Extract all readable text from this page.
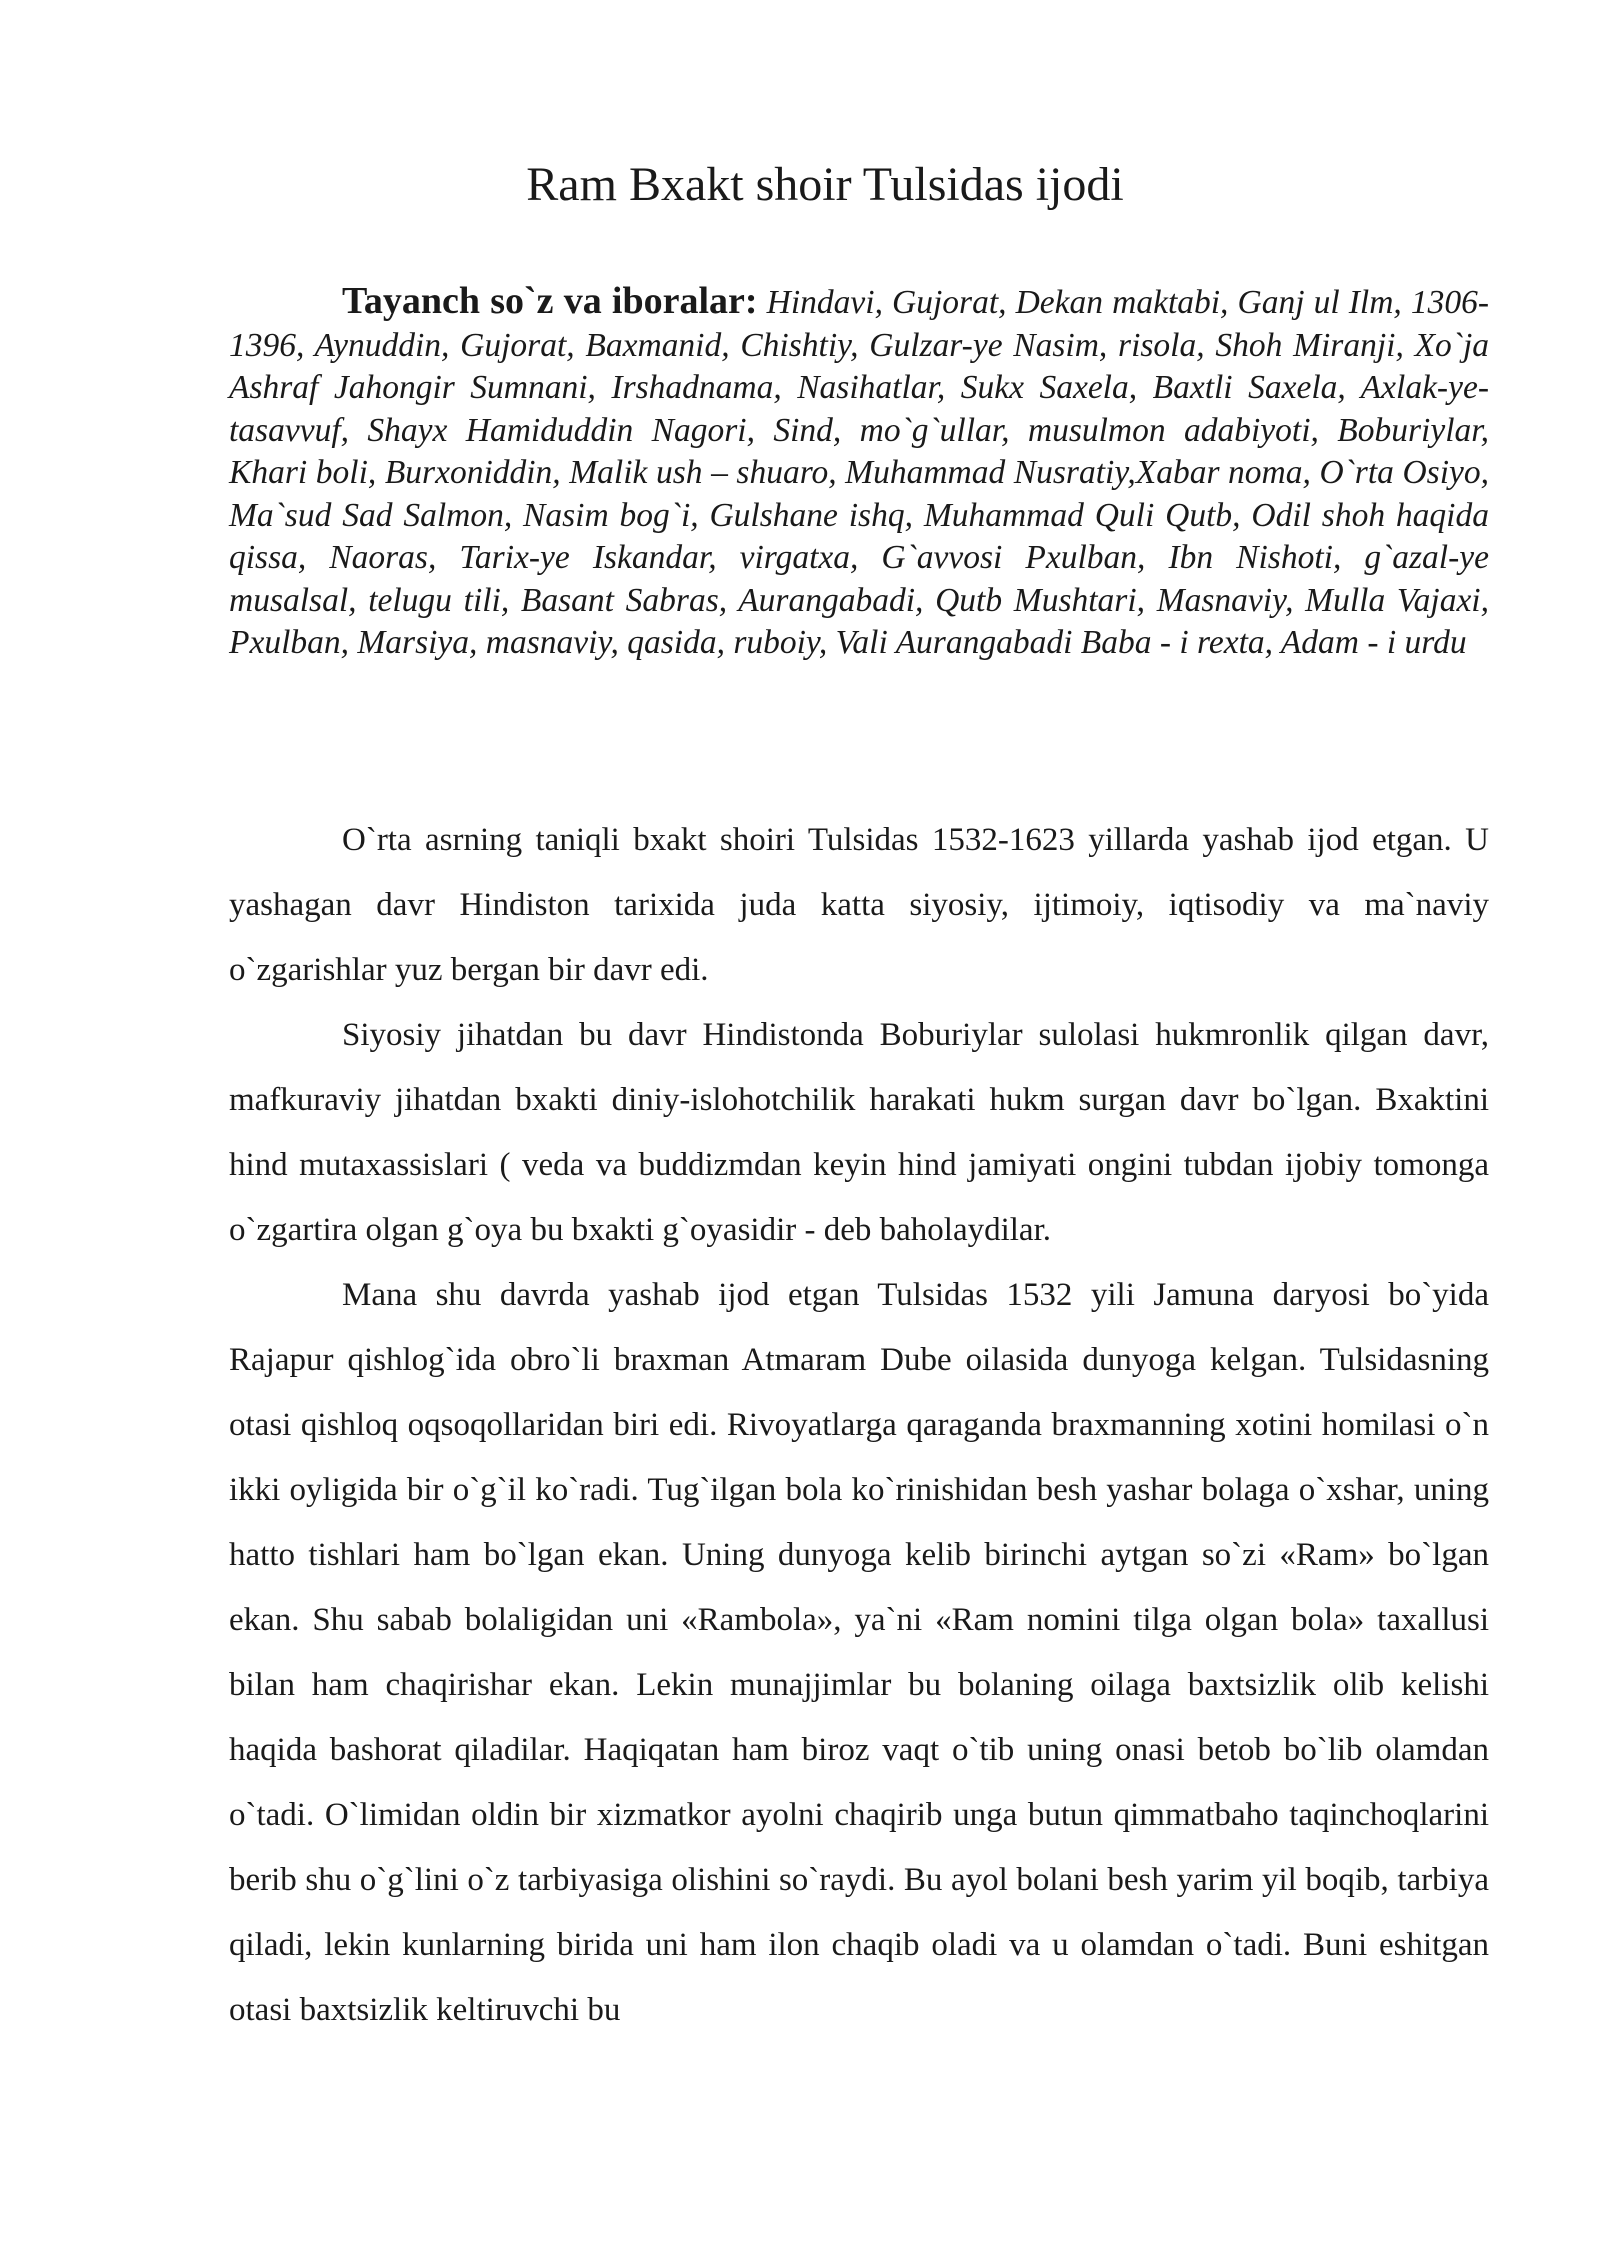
Ram Bxakt shoir Tulsidas ijodi

Tayanch so`z va iboralar: Hindavi, Gujorat, Dekan maktabi, Ganj ul Ilm, 1306-1396, Aynuddin, Gujorat, Baxmanid, Chishtiy, Gulzar-ye Nasim, risola, Shoh Miranji, Xo`ja Ashraf Jahongir Sumnani, Irshadnama, Nasihatlar, Sukx Saxela, Baxtli Saxela, Axlak-ye-tasavvuf, Shayx Hamiduddin Nagori, Sind, mo`g`ullar, musulmon adabiyoti, Boburiylar, Khari boli, Burxoniddin, Malik ush – shuaro, Muhammad Nusratiy,Xabar noma, O`rta Osiyo, Ma`sud Sad Salmon, Nasim bog`i, Gulshane ishq, Muhammad Quli Qutb, Odil shoh haqida qissa, Naoras, Tarix-ye Iskandar, virgatxa, G`avvosi Pxulban, Ibn Nishoti, g`azal-ye musalsal, telugu tili, Basant Sabras, Aurangabadi, Qutb Mushtari, Masnaviy, Mulla Vajaxi, Pxulban, Marsiya, masnaviy, qasida, ruboiy, Vali Aurangabadi Baba - i rexta, Adam - i urdu

O`rta asrning taniqli bxakt shoiri Tulsidas 1532-1623 yillarda yashab ijod etgan. U yashagan davr Hindiston tarixida juda katta siyosiy, ijtimoiy, iqtisodiy va ma`naviy o`zgarishlar yuz bergan bir davr edi.

Siyosiy jihatdan bu davr Hindistonda Boburiylar sulolasi hukmronlik qilgan davr, mafkuraviy jihatdan bxakti diniy-islohotchilik harakati hukm surgan davr bo`lgan. Bxaktini hind mutaxassislari ( veda va buddizmdan keyin hind jamiyati ongini tubdan ijobiy tomonga o`zgartira olgan g`oya bu bxakti g`oyasidir - deb baholaydilar.

Mana shu davrda yashab ijod etgan Tulsidas 1532 yili Jamuna daryosi bo`yida Rajapur qishlog`ida obro`li braxman Atmaram Dube oilasida dunyoga kelgan. Tulsidasning otasi qishloq oqsoqollaridan biri edi. Rivoyatlarga qaraganda braxmanning xotini homilasi o`n ikki oyligida bir o`g`il ko`radi. Tug`ilgan bola ko`rinishidan besh yashar bolaga o`xshar, uning hatto tishlari ham bo`lgan ekan. Uning dunyoga kelib birinchi aytgan so`zi «Ram» bo`lgan ekan. Shu sabab bolaligidan uni «Rambola», ya`ni «Ram nomini tilga olgan bola» taxallusi bilan ham chaqirishar ekan. Lekin munajjimlar bu bolaning oilaga baxtsizlik olib kelishi haqida bashorat qiladilar. Haqiqatan ham biroz vaqt o`tib uning onasi betob bo`lib olamdan o`tadi. O`limidan oldin bir xizmatkor ayolni chaqirib unga butun qimmatbaho taqinchoqlarini berib shu o`g`lini o`z tarbiyasiga olishini so`raydi. Bu ayol bolani besh yarim yil boqib, tarbiya qiladi, lekin kunlarning birida uni ham ilon chaqib oladi va u olamdan o`tadi. Buni eshitgan otasi baxtsizlik keltiruvchi bu
